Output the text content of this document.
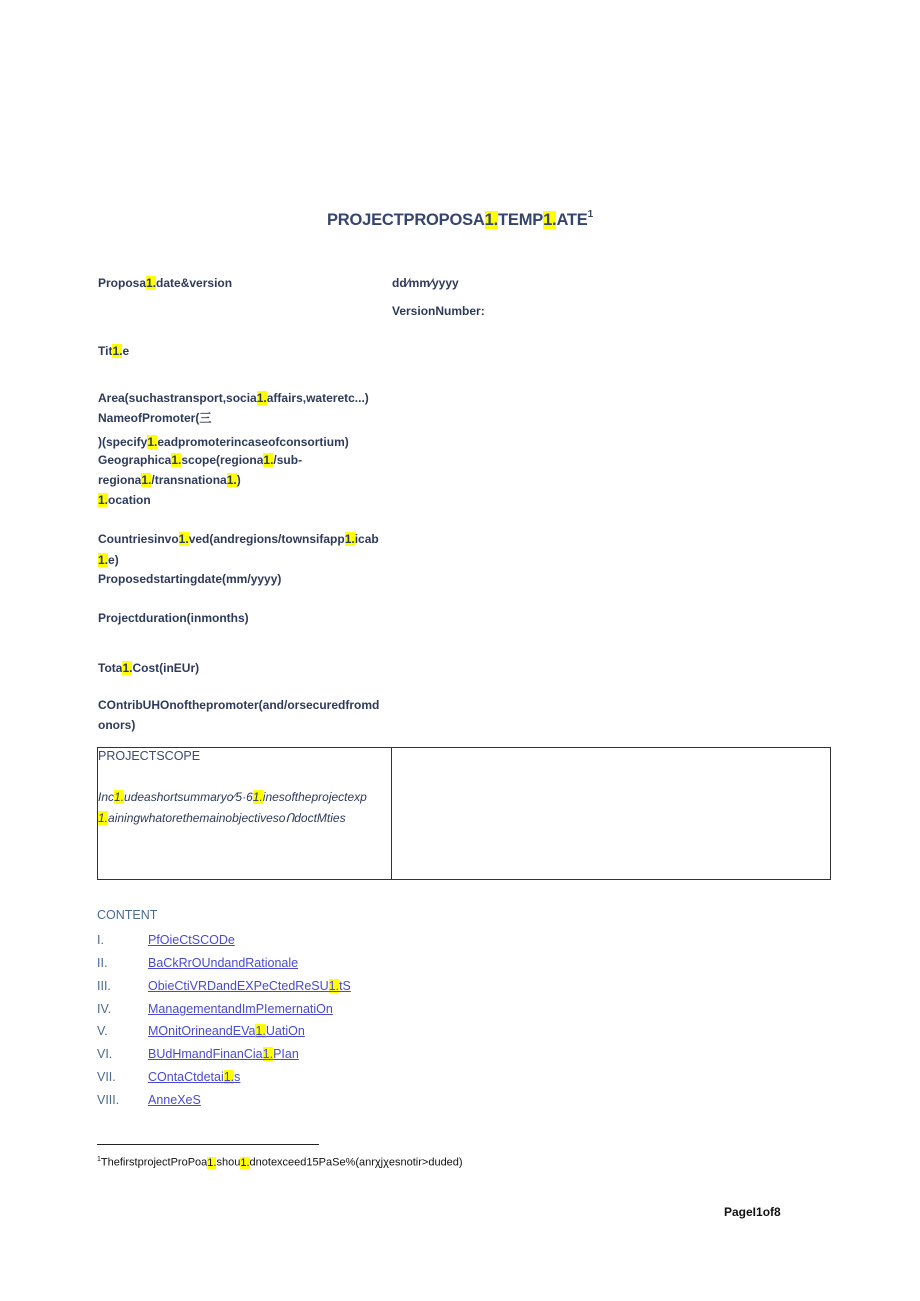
PROJECTPROPOSA1.TEMP1.ATE$^1$
Proposa1.date&version	dd⁄mm⁄yyyy
VersionNumber:
Tit1.e
Area(suchastransport,socia1.affairs,wateretc...)
NameofPromoter(三
)(specify1.eadpromoterincaseofconsortium)
Geographica1.scope(regiona1./sub-
regiona1./transnationa1.)
1.ocation
Countriesinvo1.ved(andregions/townsifapp1.icab
1.e)
Proposedstartingdate(mm/yyyy)
Projectduration(inmonths)
Tota1.Cost(inEUr)
COntribUHOnofthepromoter(and/orsecuredfromd
onors)
PROJECTSCOPE
Inc1.udeashortsummaryo⁄5·61.inesoftheprojectexp
1.ainingwhatorethemainobjectivesoՈdoctMties
CONTENT
I.	PfOieCtSCODe
II.	BaCkRrOUndandRationale
III.	ObieCtiVRDandEXPeCtedReSU1.tS
IV.	ManagementandImPIemernatiOn
V.	MOnitOrineandEVa1.UatiOn
VI.	BUdHmandFinanCia1.PIan
VII.	COntaCtdetai1.s
VIII. AnneXeS
$^1$ThefirstprojectProPoa1.shou1.dnotexceed15PaSe%(anrχjχesnotir>duded)
PageI1of8
